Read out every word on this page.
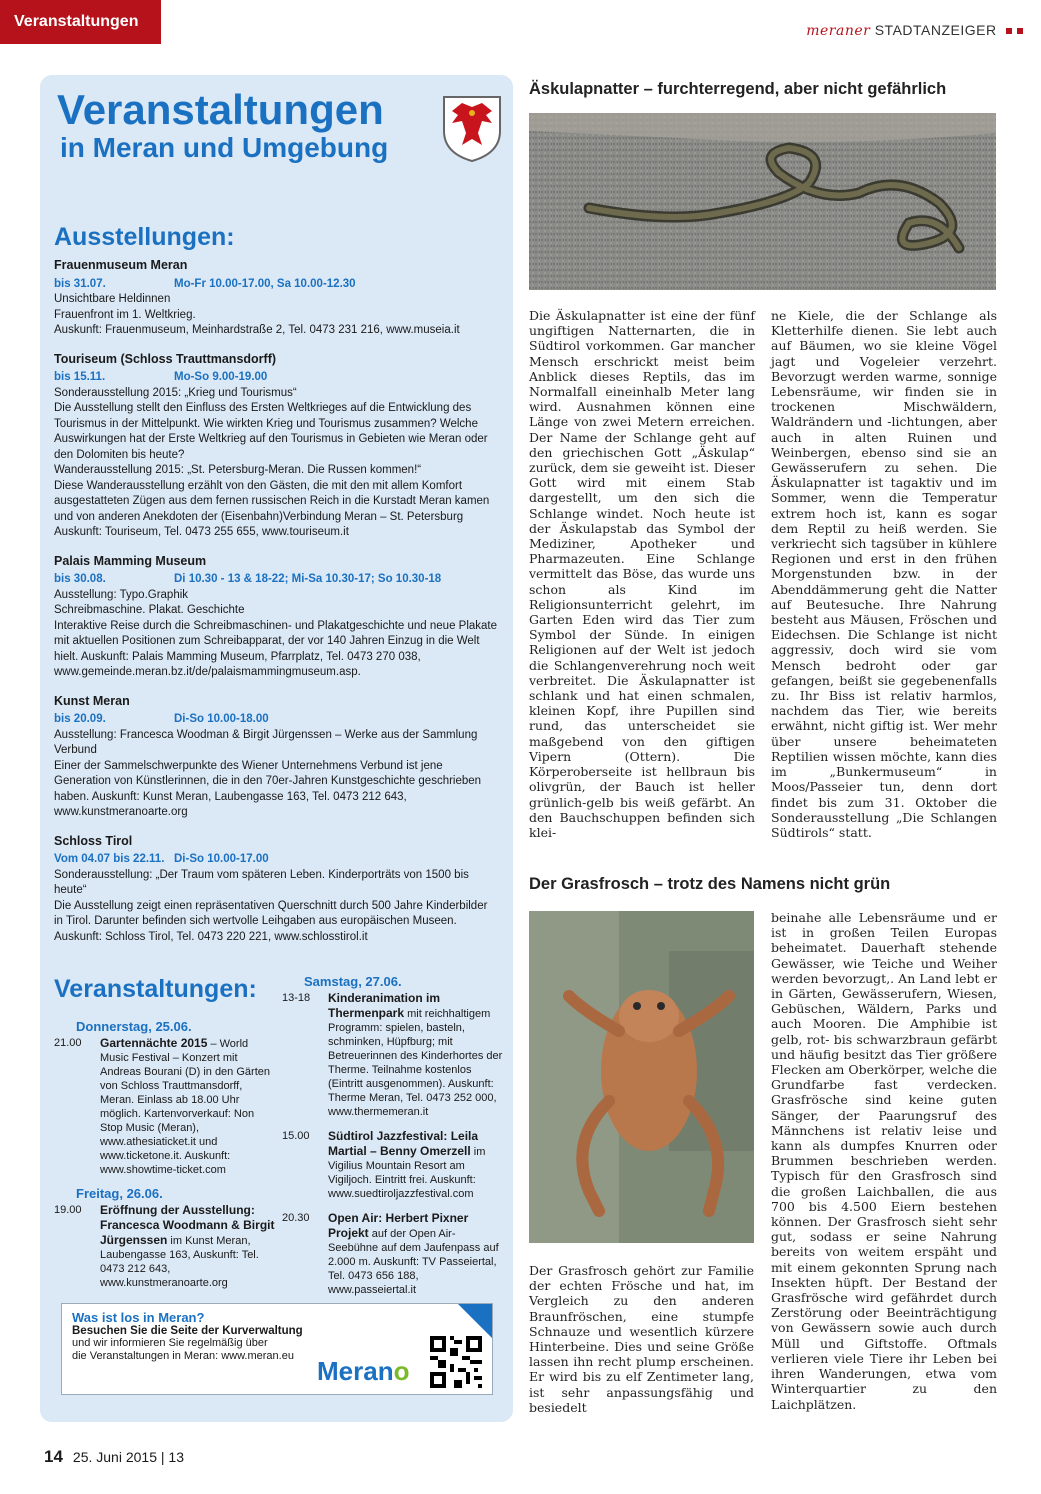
Veranstaltungen
meraner STADTANZEIGER
Veranstaltungen
in Meran und Umgebung
Ausstellungen:
Frauenmuseum Meran
bis 31.07.	Mo-Fr 10.00-17.00, Sa 10.00-12.30

Unsichtbare Heldinnen

Frauenfront im 1. Weltkrieg.

Auskunft: Frauenmuseum, Meinhardstraße 2, Tel. 0473 231 216, www.museia.it

Touriseum (Schloss Trauttmansdorff)
bis 15.11.	Mo-So 9.00-19.00

Sonderausstellung 2015: „Krieg und Tourismus“

Die Ausstellung stellt den Einfluss des Ersten Weltkrieges auf die Entwicklung des Tourismus in der Mittelpunkt. Wie wirkten Krieg und Tourismus zusammen? Welche Auswirkungen hat der Erste Weltkrieg auf den Tourismus in Gebieten wie Meran oder den Dolomiten bis heute?

Wanderausstellung 2015: „St. Petersburg-Meran. Die Russen kommen!“

Diese Wanderausstellung erzählt von den Gästen, die mit den mit allem Komfort ausgestatteten Zügen aus dem fernen russischen Reich in die Kurstadt Meran kamen und von anderen Anekdoten der (Eisenbahn)Verbindung Meran – St. Petersburg

Auskunft: Touriseum, Tel. 0473 255 655, www.touriseum.it

Palais Mamming Museum
bis 30.08.	Di 10.30 - 13 & 18-22; Mi-Sa 10.30-17; So 10.30-18

Ausstellung: Typo.Graphik

Schreibmaschine. Plakat. Geschichte

Interaktive Reise durch die Schreibmaschinen- und Plakatgeschichte und neue Plakate mit aktuellen Positionen zum Schreibapparat, der vor 140 Jahren Einzug in die Welt hielt. Auskunft: Palais Mamming Museum, Pfarrplatz, Tel. 0473 270 038, www.gemeinde.meran.bz.it/de/palaismammingmuseum.asp.

Kunst Meran
bis 20.09.	Di-So 10.00-18.00

Ausstellung: Francesca Woodman & Birgit Jürgenssen – Werke aus der Sammlung Verbund

Einer der Sammelschwerpunkte des Wiener Unternehmens Verbund ist jene Generation von Künstlerinnen, die in den 70er-Jahren Kunstgeschichte geschrieben haben. Auskunft: Kunst Meran, Laubengasse 163, Tel. 0473 212 643, www.kunstmeranoarte.org

Schloss Tirol
Vom 04.07 bis 22.11. Di-So 10.00-17.00

Sonderausstellung: „Der Traum vom späteren Leben. Kinderporträts von 1500 bis heute“

Die Ausstellung zeigt einen repräsentativen Querschnitt durch 500 Jahre Kinderbilder in Tirol. Darunter befinden sich wertvolle Leihgaben aus europäischen Museen. Auskunft: Schloss Tirol, Tel. 0473 220 221, www.schlosstirol.it

Veranstaltungen:
Donnerstag, 25.06.
21.00	Gartennächte 2015 – World Music Festival – Konzert mit Andreas Bourani (D) in den Gärten von Schloss Trauttmansdorff, Meran. Einlass ab 18.00 Uhr möglich. Kartenvorverkauf: Non Stop Music (Meran), www.athesiaticket.it und www.ticketone.it. Auskunft: www.showtime-ticket.com
Freitag, 26.06.
19.00	Eröffnung der Ausstellung: Francesca Woodmann & Birgit Jürgenssen im Kunst Meran, Laubengasse 163, Auskunft: Tel. 0473 212 643, www.kunstmeranoarte.org
Samstag, 27.06.
13-18	Kinderanimation im Thermenpark mit reichhaltigem Programm: spielen, basteln, schminken, Hüpfburg; mit Betreuerinnen des Kinderhortes der Therme. Teilnahme kostenlos (Eintritt ausgenommen). Auskunft: Therme Meran, Tel. 0473 252 000, www.thermemeran.it
15.00	Südtirol Jazzfestival: Leila Martial – Benny Omerzell im Vigilius Mountain Resort am Vigiljoch. Eintritt frei. Auskunft: www.suedtiroljazzfestival.com
20.30	Open Air: Herbert Pixner Projekt auf der Open Air-Seebühne auf dem Jaufenpass auf 2.000 m. Auskunft: TV Passeiertal, Tel. 0473 656 188, www.passeiertal.it
Was ist los in Meran?
Besuchen Sie die Seite der Kurverwaltung
und wir informieren Sie regelmäßig über
die Veranstaltungen in Meran: www.meran.eu Merano
14 25. Juni 2015 | 13
Äskulapnatter – furchterregend, aber nicht gefährlich
Die Äskulapnatter ist eine der fünf ungiftigen Natternarten, die in Südtirol vorkommen. Gar mancher Mensch erschrickt meist beim Anblick dieses Reptils, das im Normalfall eineinhalb Meter lang wird. Ausnahmen können eine Länge von zwei Metern erreichen. Der Name der Schlange geht auf den griechischen Gott „Äskulap“ zurück, dem sie geweiht ist. Dieser Gott wird mit einem Stab dargestellt, um den sich die Schlange windet. Noch heute ist der Äskulapstab das Symbol der Mediziner, Apotheker und Pharmazeuten. Eine Schlange vermittelt das Böse, das wurde uns schon als Kind im Religionsunterricht gelehrt, im Garten Eden wird das Tier zum Symbol der Sünde. In einigen Religionen auf der Welt ist jedoch die Schlangenverehrung noch weit verbreitet. Die Äskulapnatter ist schlank und hat einen schmalen, kleinen Kopf, ihre Pupillen sind rund, das unterscheidet sie maßgebend von den giftigen Vipern (Ottern). Die Körperoberseite ist hellbraun bis olivgrün, der Bauch ist heller grünlich-gelb bis weiß gefärbt. An den Bauchschuppen befinden sich klei-
ne Kiele, die der Schlange als Kletterhilfe dienen. Sie lebt auch auf Bäumen, wo sie kleine Vögel jagt und Vogeleier verzehrt. Bevorzugt werden warme, sonnige Lebensräume, wir finden sie in trockenen Mischwäldern, Waldrändern und -lichtungen, aber auch in alten Ruinen und Weinbergen, ebenso sind sie an Gewässerufern zu sehen. Die Äskulapnatter ist tagaktiv und im Sommer, wenn die Temperatur extrem hoch ist, kann es sogar dem Reptil zu heiß werden. Sie verkriecht sich tagsüber in kühlere Regionen und erst in den frühen Morgenstunden bzw. in der Abenddämmerung geht die Natter auf Beutesuche. Ihre Nahrung besteht aus Mäusen, Fröschen und Eidechsen. Die Schlange ist nicht aggressiv, doch wird sie vom Mensch bedroht oder gar gefangen, beißt sie gegebenenfalls zu. Ihr Biss ist relativ harmlos, nachdem das Tier, wie bereits erwähnt, nicht giftig ist. Wer mehr über unsere beheimateten Reptilien wissen möchte, kann dies im „Bunkermuseum“ in Moos/Passeier tun, denn dort findet bis zum 31. Oktober die Sonderausstellung „Die Schlangen Südtirols“ statt.
Der Grasfrosch – trotz des Namens nicht grün
Der Grasfrosch gehört zur Familie der echten Frösche und hat, im Vergleich zu den anderen Braunfröschen, eine stumpfe Schnauze und wesentlich kürzere Hinterbeine. Dies und seine Größe lassen ihn recht plump erscheinen. Er wird bis zu elf Zentimeter lang, ist sehr anpassungsfähig und besiedelt
beinahe alle Lebensräume und er ist in großen Teilen Europas beheimatet. Dauerhaft stehende Gewässer, wie Teiche und Weiher werden bevorzugt,. An Land lebt er in Gärten, Gewässerufern, Wiesen, Gebüschen, Wäldern, Parks und auch Mooren. Die Amphibie ist gelb, rot- bis schwarzbraun gefärbt und häufig besitzt das Tier größere Flecken am Oberkörper, welche die Grundfarbe fast verdecken. Grasfrösche sind keine guten Sänger, der Paarungsruf des Männchens ist relativ leise und kann als dumpfes Knurren oder Brummen beschrieben werden. Typisch für den Grasfrosch sind die großen Laichballen, die aus 700 bis 4.500 Eiern bestehen können. Der Grasfrosch sieht sehr gut, sodass er seine Nahrung bereits von weitem erspäht und mit einem gekonnten Sprung nach Insekten hüpft. Der Bestand der Grasfrösche wird gefährdet durch Zerstörung oder Beeinträchtigung von Gewässern sowie auch durch Müll und Giftstoffe. Oftmals verlieren viele Tiere ihr Leben bei ihren Wanderungen, etwa vom Winterquartier zu den Laichplätzen.
